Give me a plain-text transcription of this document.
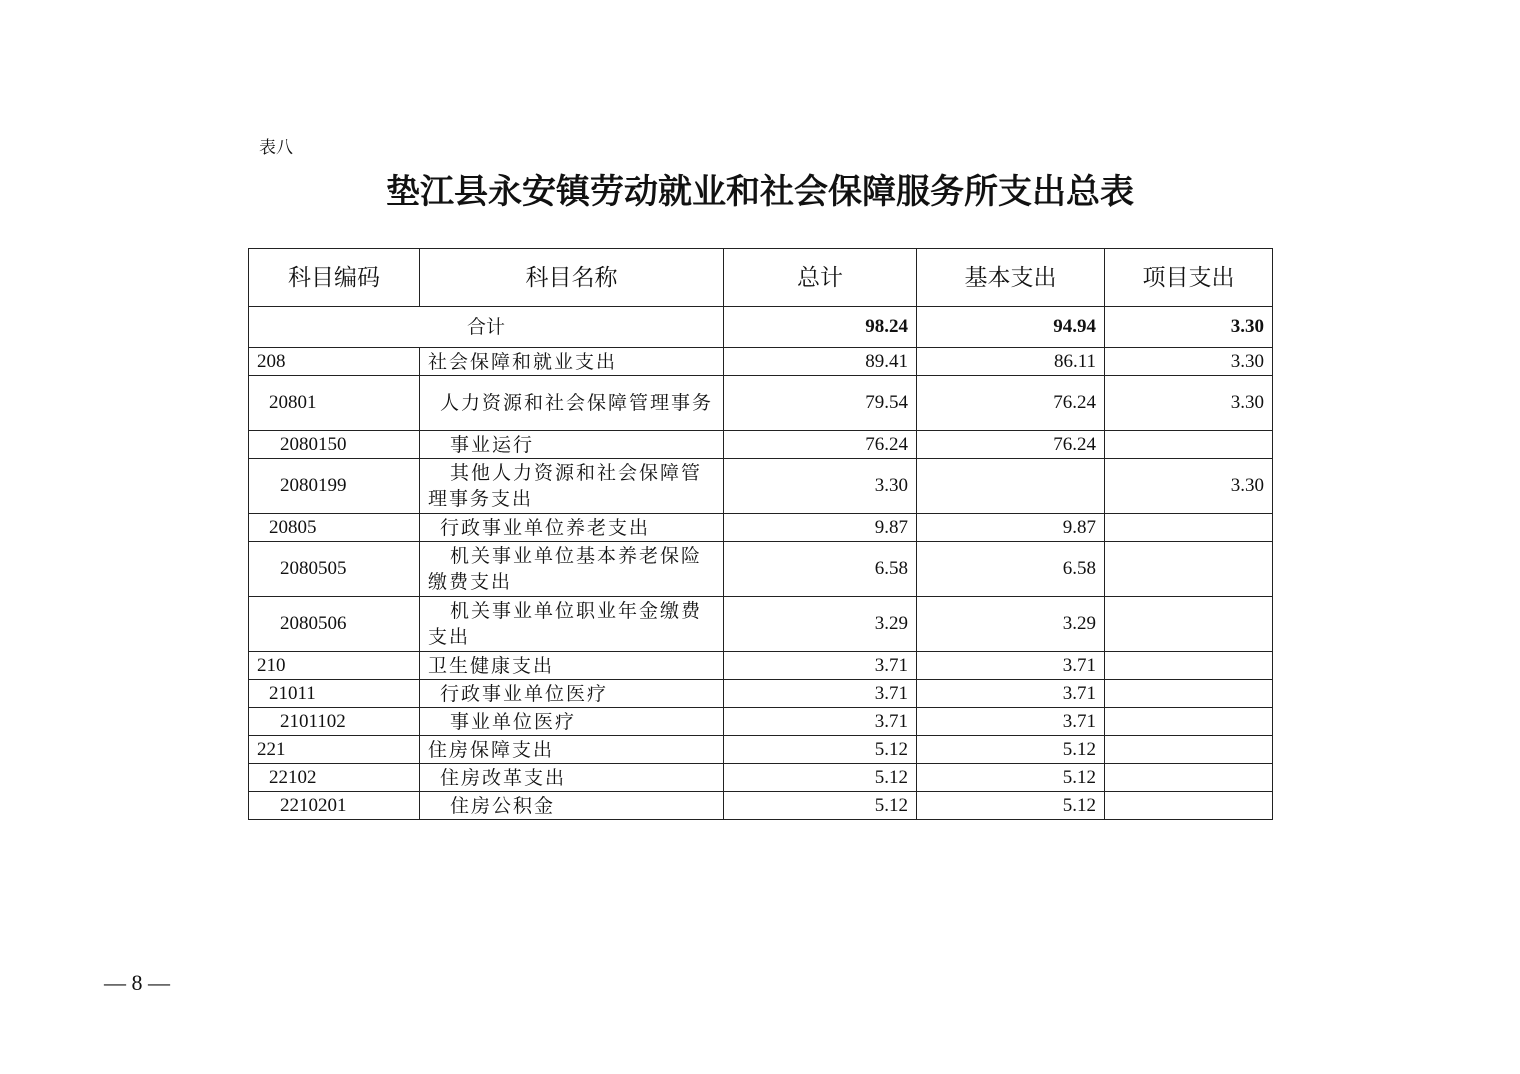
表八
垫江县永安镇劳动就业和社会保障服务所支出总表
科目编码	科目名称	总计	基本支出	项目支出
合计		98.24	94.94	3.30
208	社会保障和就业支出	89.41	86.11	3.30
20801	人力资源和社会保障管理事务	79.54	76.24	3.30
2080150	事业运行	76.24	76.24	
2080199	其他人力资源和社会保障管理事务支出	3.30		3.30
20805	行政事业单位养老支出	9.87	9.87	
2080505	机关事业单位基本养老保险缴费支出	6.58	6.58	
2080506	机关事业单位职业年金缴费支出	3.29	3.29	
210	卫生健康支出	3.71	3.71	
21011	行政事业单位医疗	3.71	3.71	
2101102	事业单位医疗	3.71	3.71	
221	住房保障支出	5.12	5.12	
22102	住房改革支出	5.12	5.12	
2210201	住房公积金	5.12	5.12	
— 8 —
